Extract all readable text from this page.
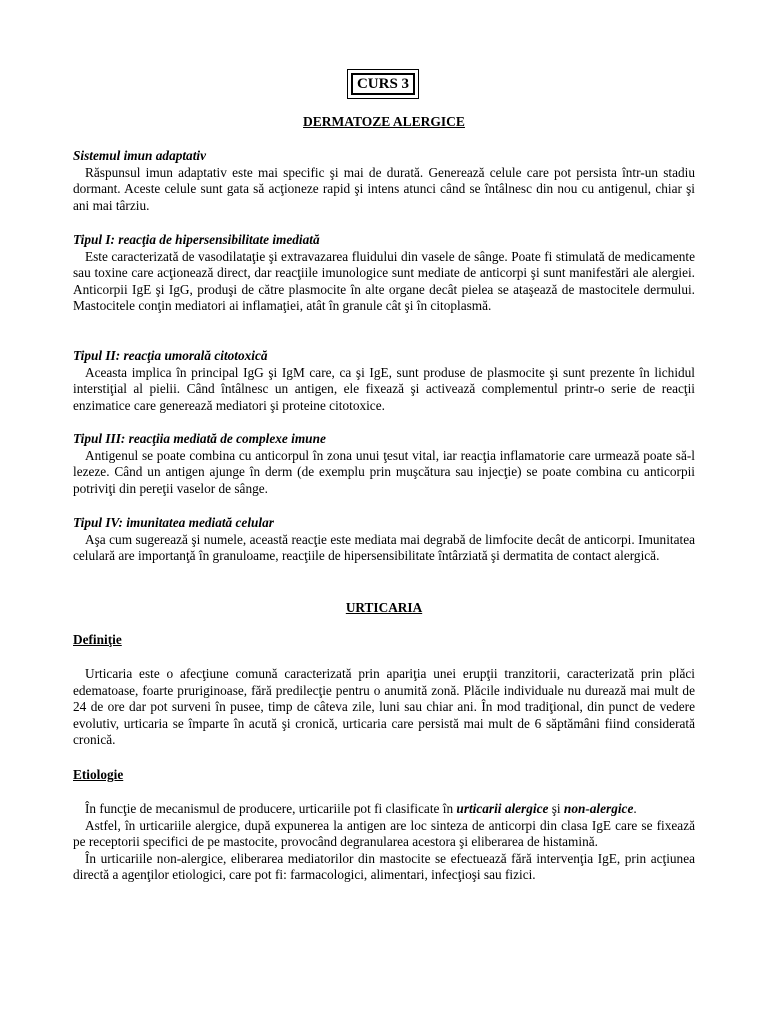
CURS 3
DERMATOZE ALERGICE
Sistemul imun adaptativ

Răspunsul imun adaptativ este mai specific şi mai de durată. Generează celule care pot persista într-un stadiu dormant. Aceste celule sunt gata să acţioneze rapid şi intens atunci când se întâlnesc din nou cu antigenul, chiar şi ani mai târziu.

Tipul I: reacţia de hipersensibilitate imediată

Este caracterizată de vasodilataţie şi extravazarea fluidului din vasele de sânge. Poate fi stimulată de medicamente sau toxine care acţionează direct, dar reacţiile imunologice sunt mediate de anticorpi şi sunt manifestări ale alergiei. Anticorpii IgE şi IgG, produşi de către plasmocite în alte organe decât pielea se ataşează de mastocitele dermului. Mastocitele conţin mediatori ai inflamaţiei, atât în granule cât şi în citoplasmă.

Tipul II: reacţia umorală citotoxică

Aceasta implica în principal IgG şi IgM care, ca şi IgE, sunt produse de plasmocite şi sunt prezente în lichidul interstiţial al pielii. Când întâlnesc un antigen, ele fixează şi activează complementul printr-o serie de reacţii enzimatice care generează mediatori şi proteine citotoxice.

Tipul III: reacţiia mediată de complexe imune

Antigenul se poate combina cu anticorpul în zona unui ţesut vital, iar reacţia inflamatorie care urmează poate să-l lezeze. Când un antigen ajunge în derm (de exemplu prin muşcătura sau injecţie) se poate combina cu anticorpii potriviţi din pereţii vaselor de sânge.

Tipul IV: imunitatea mediată celular

Aşa cum sugerează şi numele, această reacţie este mediata mai degrabă de limfocite decât de anticorpi. Imunitatea celulară are importanţă în granuloame, reacţiile de hipersensibilitate întârziată şi dermatita de contact alergică.

URTICARIA
Definiţie

Urticaria este o afecţiune comună caracterizată prin apariţia unei erupţii tranzitorii, caracterizată prin plăci edematoase, foarte pruriginoase, fără predilecţie pentru o anumită zonă. Plăcile individuale nu durează mai mult de 24 de ore dar pot surveni în pusee, timp de câteva zile, luni sau chiar ani. În mod tradiţional, din punct de vedere evolutiv, urticaria se împarte în acută şi cronică, urticaria care persistă mai mult de 6 săptămâni fiind considerată cronică.

Etiologie

În funcţie de mecanismul de producere, urticariile pot fi clasificate în urticarii alergice şi non-alergice.

Astfel, în urticariile alergice, după expunerea la antigen are loc sinteza de anticorpi din clasa IgE care se fixează pe receptorii specifici de pe mastocite, provocând degranularea acestora şi eliberarea de histamină.

În urticariile non-alergice, eliberarea mediatorilor din mastocite se efectuează fără intervenţia IgE, prin acţiunea directă a agenţilor etiologici, care pot fi: farmacologici, alimentari, infecţioşi sau fizici.
